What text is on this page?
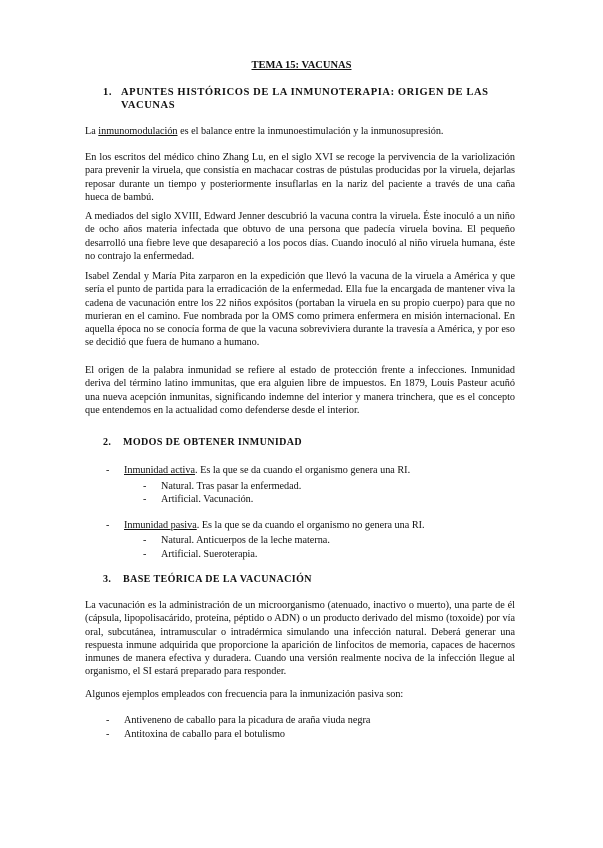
TEMA 15: VACUNAS
1. APUNTES HISTÓRICOS DE LA INMUNOTERAPIA: ORIGEN DE LAS VACUNAS
La inmunomodulación es el balance entre la inmunoestimulación y la inmunosupresión.
En los escritos del médico chino Zhang Lu, en el siglo XVI se recoge la pervivencia de la variolización para prevenir la viruela, que consistía en machacar costras de pústulas producidas por la viruela, dejarlas reposar durante un tiempo y posteriormente insuflarlas en la nariz del paciente a través de una caña hueca de bambú.
A mediados del siglo XVIII, Edward Jenner descubrió la vacuna contra la viruela. Éste inoculó a un niño de ocho años materia infectada que obtuvo de una persona que padecía viruela bovina. El pequeño desarrolló una fiebre leve que desapareció a los pocos días. Cuando inoculó al niño viruela humana, éste no contrajo la enfermedad.
Isabel Zendal y María Pita zarparon en la expedición que llevó la vacuna de la viruela a América y que sería el punto de partida para la erradicación de la enfermedad. Ella fue la encargada de mantener viva la cadena de vacunación entre los 22 niños expósitos (portaban la viruela en su propio cuerpo) para que no murieran en el camino. Fue nombrada por la OMS como primera enfermera en misión internacional. En aquella época no se conocía forma de que la vacuna sobreviviera durante la travesía a América, y por eso se decidió que fuera de humano a humano.
El origen de la palabra inmunidad se refiere al estado de protección frente a infecciones. Inmunidad deriva del término latino immunitas, que era alguien libre de impuestos. En 1879, Louis Pasteur acuñó una nueva acepción inmunitas, significando indemne del interior y manera trinchera, que es el concepto que entendemos en la actualidad como defenderse desde el interior.
2. MODOS DE OBTENER INMUNIDAD
- Inmunidad activa. Es la que se da cuando el organismo genera una RI.
- Natural. Tras pasar la enfermedad.
- Artificial. Vacunación.
- Inmunidad pasiva. Es la que se da cuando el organismo no genera una RI.
- Natural. Anticuerpos de la leche materna.
- Artificial. Sueroterapia.
3. BASE TEÓRICA DE LA VACUNACIÓN
La vacunación es la administración de un microorganismo (atenuado, inactivo o muerto), una parte de él (cápsula, lipopolisacárido, proteína, péptido o ADN) o un producto derivado del mismo (toxoide) por vía oral, subcutánea, intramuscular o intradérmica simulando una infección natural. Deberá generar una respuesta inmune adquirida que proporcione la aparición de linfocitos de memoria, capaces de hacernos inmunes de manera efectiva y duradera. Cuando una versión realmente nociva de la infección llegue al organismo, el SI estará preparado para responder.
Algunos ejemplos empleados con frecuencia para la inmunización pasiva son:
- Antiveneno de caballo para la picadura de araña viuda negra
- Antitoxina de caballo para el botulismo
